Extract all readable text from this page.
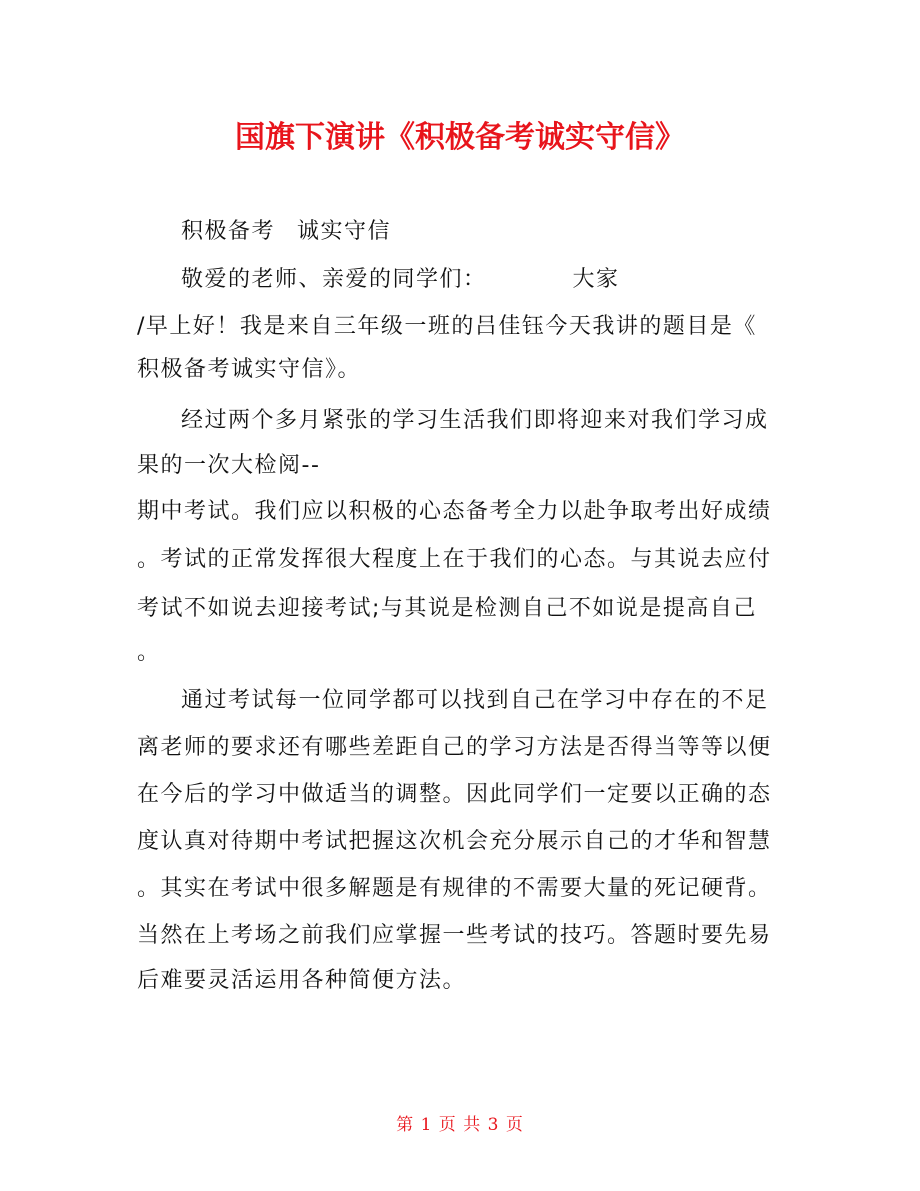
国旗下演讲《积极备考诚实守信》

积极备考 诚实守信

敬爱的老师、亲爱的同学们：	大家

/早上好！我是来自三年级一班的吕佳钰今天我讲的题目是《

积极备考诚实守信》。

经过两个多月紧张的学习生活我们即将迎来对我们学习成

果的一次大检阅--

期中考试。我们应以积极的心态备考全力以赴争取考出好成绩

。考试的正常发挥很大程度上在于我们的心态。与其说去应付

考试不如说去迎接考试;与其说是检测自己不如说是提高自己

。

通过考试每一位同学都可以找到自己在学习中存在的不足

离老师的要求还有哪些差距自己的学习方法是否得当等等以便

在今后的学习中做适当的调整。因此同学们一定要以正确的态

度认真对待期中考试把握这次机会充分展示自己的才华和智慧

。其实在考试中很多解题是有规律的不需要大量的死记硬背。

当然在上考场之前我们应掌握一些考试的技巧。答题时要先易

后难要灵活运用各种简便方法。

第 1 页 共 3 页
